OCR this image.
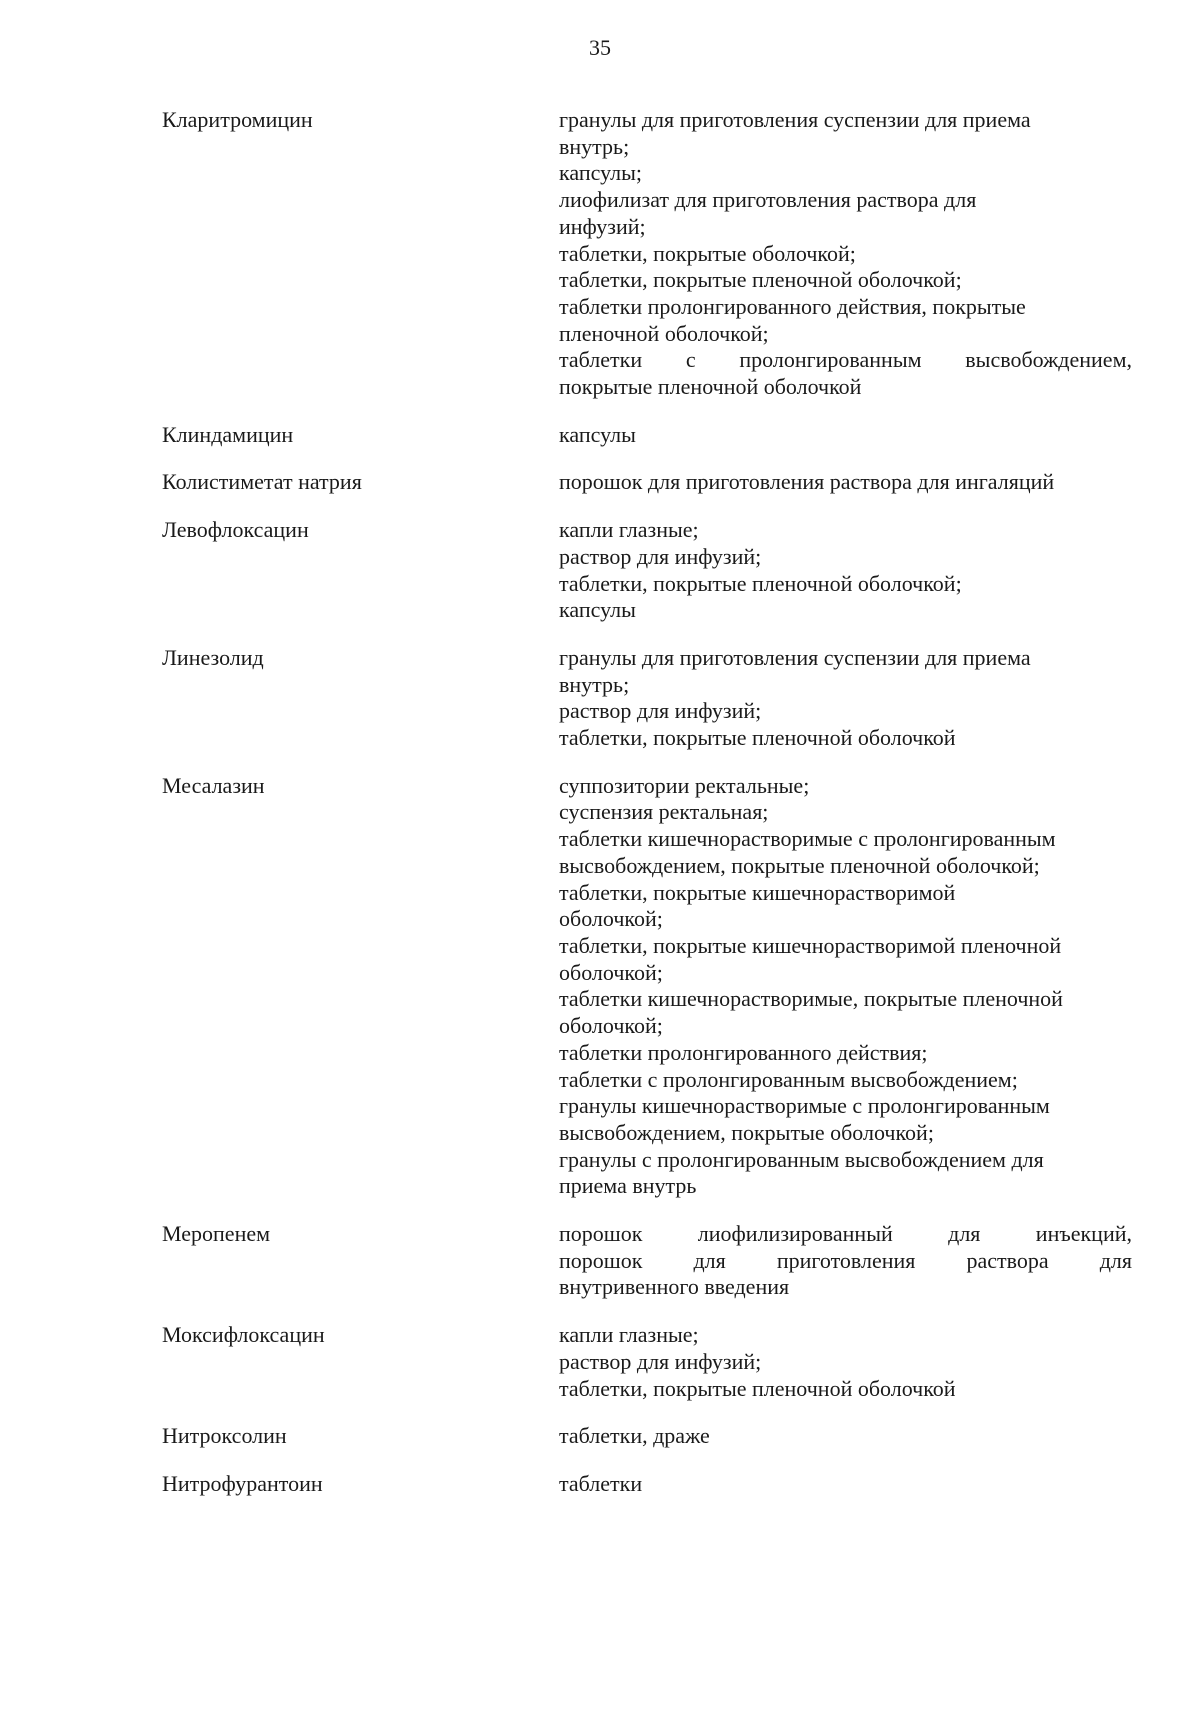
35
Кларитромицин	гранулы для приготовления суспензии для приема
внутрь;
капсулы;
лиофилизат для приготовления раствора для
инфузий;
таблетки, покрытые оболочкой;
таблетки, покрытые пленочной оболочкой;
таблетки пролонгированного действия, покрытые
пленочной оболочкой;
таблетки с пролонгированным высвобождением,
покрытые пленочной оболочкой
Клиндамицин	капсулы
Колистиметат натрия	порошок для приготовления раствора для ингаляций
Левофлоксацин	капли глазные;
раствор для инфузий;
таблетки, покрытые пленочной оболочкой;
капсулы
Линезолид	гранулы для приготовления суспензии для приема
внутрь;
раствор для инфузий;
таблетки, покрытые пленочной оболочкой
Месалазин	суппозитории ректальные;
суспензия ректальная;
таблетки кишечнорастворимые с пролонгированным
высвобождением, покрытые пленочной оболочкой;
таблетки, покрытые кишечнорастворимой
оболочкой;
таблетки, покрытые кишечнорастворимой пленочной
оболочкой;
таблетки кишечнорастворимые, покрытые пленочной
оболочкой;
таблетки пролонгированного действия;
таблетки с пролонгированным высвобождением;
гранулы кишечнорастворимые с пролонгированным
высвобождением, покрытые оболочкой;
гранулы с пролонгированным высвобождением для
приема внутрь
Меропенем	порошок лиофилизированный для инъекций,
порошок для приготовления раствора для
внутривенного введения
Моксифлоксацин	капли глазные;
раствор для инфузий;
таблетки, покрытые пленочной оболочкой
Нитроксолин	таблетки, драже
Нитрофурантоин	таблетки
